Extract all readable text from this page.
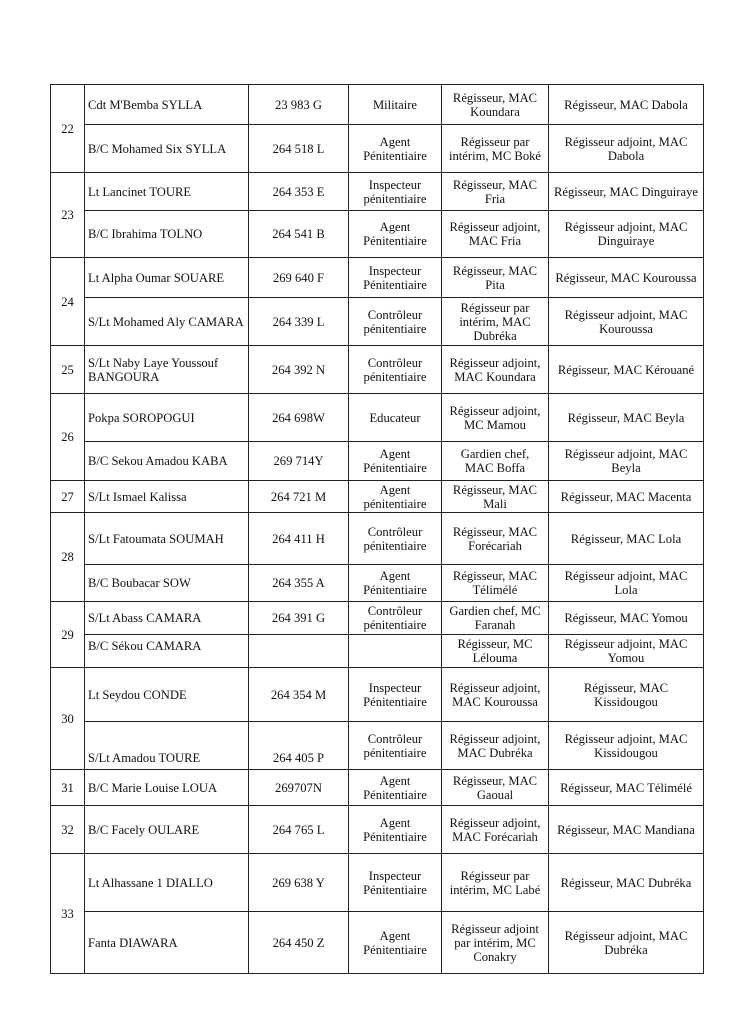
22	Cdt M'Bemba SYLLA	23 983 G	Militaire	Régisseur, MAC Koundara	Régisseur, MAC Dabola
	B/C Mohamed Six SYLLA	264 518 L	Agent Pénitentiaire	Régisseur par intérim, MC Boké	Régisseur adjoint, MAC Dabola
23	Lt Lancinet TOURE	264 353 E	Inspecteur pénitentiaire	Régisseur, MAC Fria	Régisseur, MAC Dinguiraye
	B/C Ibrahima TOLNO	264 541 B	Agent Pénitentiaire	Régisseur adjoint, MAC Fria	Régisseur adjoint, MAC Dinguiraye
24	Lt Alpha Oumar SOUARE	269 640 F	Inspecteur Pénitentiaire	Régisseur, MAC Pita	Régisseur, MAC Kouroussa
	S/Lt Mohamed Aly CAMARA	264 339 L	Contrôleur pénitentiaire	Régisseur par intérim, MAC Dubréka	Régisseur adjoint, MAC Kouroussa
25	S/Lt Naby Laye Youssouf BANGOURA	264 392 N	Contrôleur pénitentiaire	Régisseur adjoint, MAC Koundara	Régisseur, MAC Kérouané
26	Pokpa SOROPOGUI	264 698W	Educateur	Régisseur adjoint, MC Mamou	Régisseur, MAC Beyla
	B/C Sekou Amadou KABA	269 714Y	Agent Pénitentiaire	Gardien chef, MAC Boffa	Régisseur adjoint, MAC Beyla
27	S/Lt Ismael Kalissa	264 721 M	Agent pénitentiaire	Régisseur, MAC Mali	Régisseur, MAC Macenta
28	S/Lt Fatoumata SOUMAH	264 411 H	Contrôleur pénitentiaire	Régisseur, MAC Forécariah	Régisseur, MAC Lola
	B/C Boubacar SOW	264 355 A	Agent Pénitentiaire	Régisseur, MAC Télimélé	Régisseur adjoint, MAC Lola
29	S/Lt Abass CAMARA	264 391 G	Contrôleur pénitentiaire	Gardien chef, MC Faranah	Régisseur, MAC Yomou
	B/C Sékou CAMARA			Régisseur, MC Lélouma	Régisseur adjoint, MAC Yomou
30	Lt Seydou CONDE	264 354 M	Inspecteur Pénitentiaire	Régisseur adjoint, MAC Kouroussa	Régisseur, MAC Kissidougou
	S/Lt Amadou TOURE	264 405 P	Contrôleur pénitentiaire	Régisseur adjoint, MAC Dubréka	Régisseur adjoint, MAC Kissidougou
31	B/C Marie Louise LOUA	269707N	Agent Pénitentiaire	Régisseur, MAC Gaoual	Régisseur, MAC Télimélé
32	B/C Facely OULARE	264 765 L	Agent Pénitentiaire	Régisseur adjoint, MAC Forécariah	Régisseur, MAC Mandiana
33	Lt Alhassane 1 DIALLO	269 638 Y	Inspecteur Pénitentiaire	Régisseur par intérim, MC Labé	Régisseur, MAC Dubréka
	Fanta DIAWARA	264 450 Z	Agent Pénitentiaire	Régisseur adjoint par intérim, MC Conakry	Régisseur adjoint, MAC Dubréka
